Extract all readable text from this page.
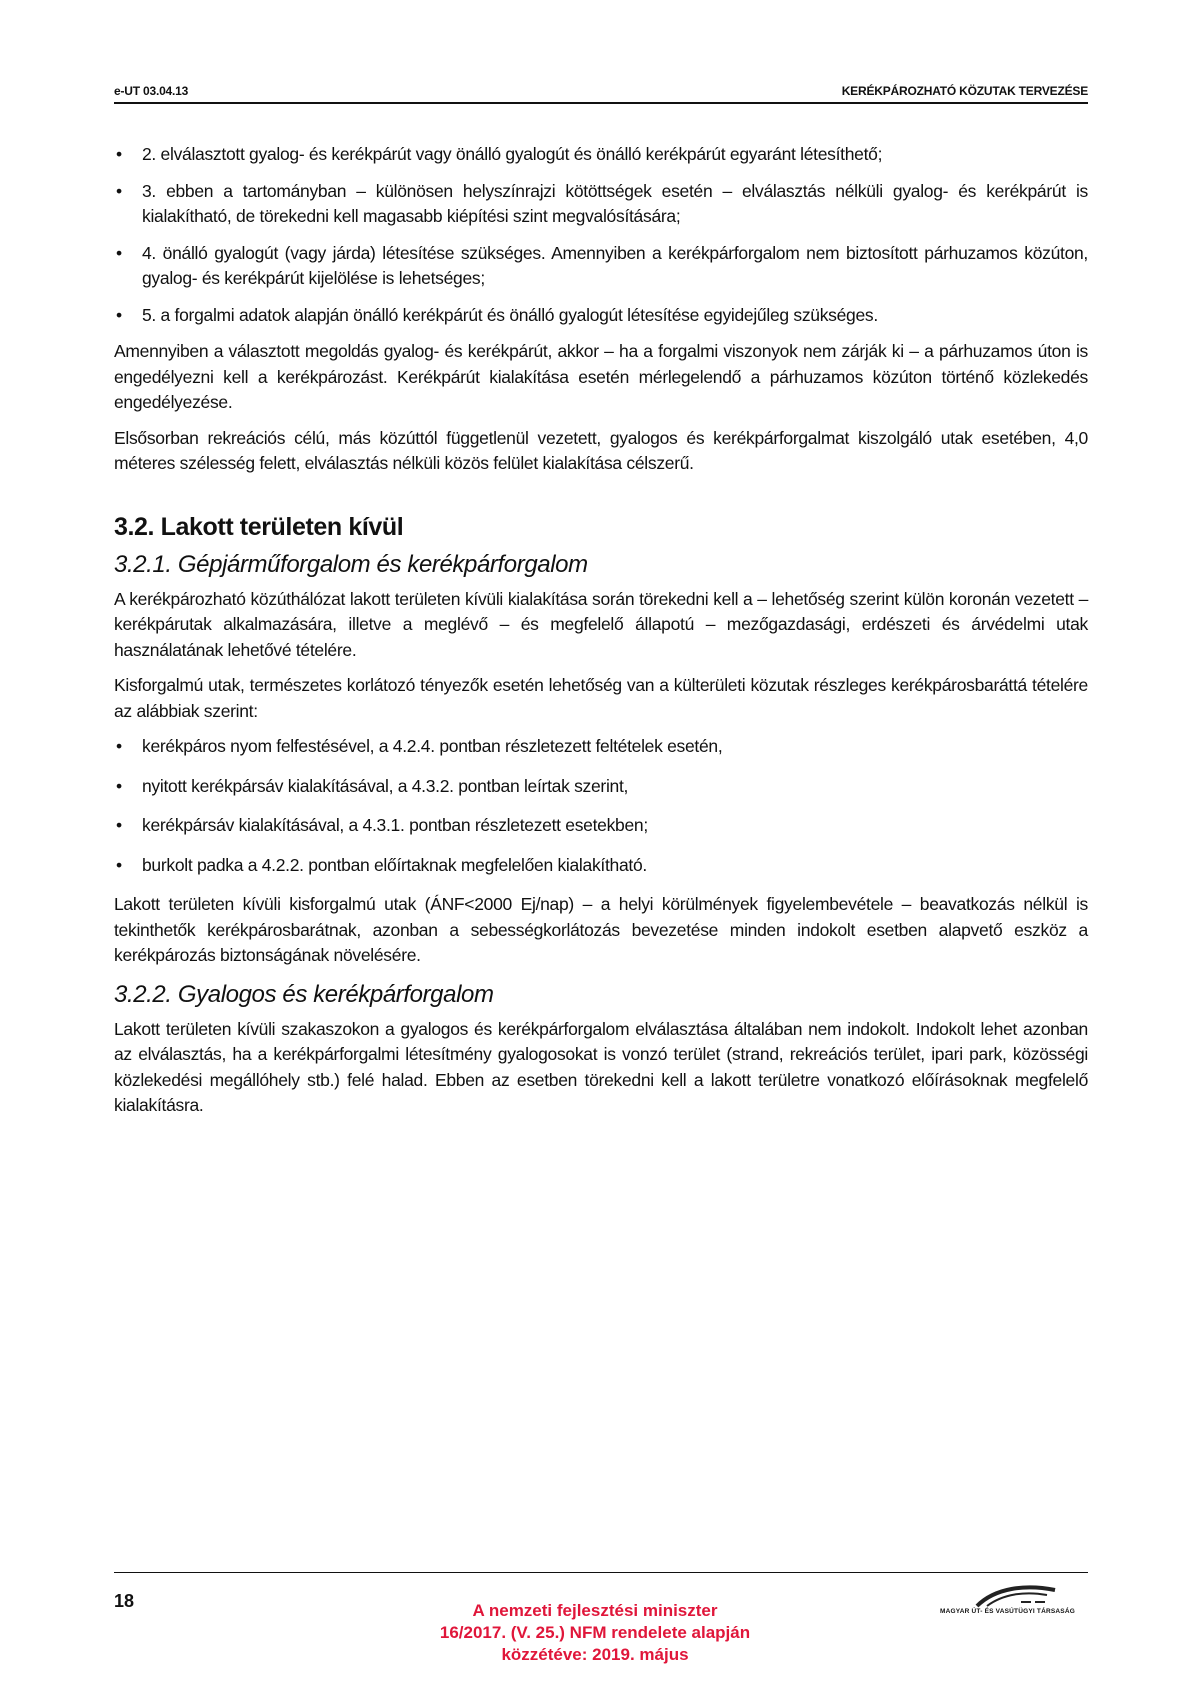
e-UT 03.04.13	KERÉKPÁROZHATÓ KÖZUTAK TERVEZÉSE
• 2. elválasztott gyalog- és kerékpárút vagy önálló gyalogút és önálló kerékpárút egyaránt létesíthető;
• 3. ebben a tartományban – különösen helyszínrajzi kötöttségek esetén – elválasztás nélküli gyalog- és kerékpárút is kialakítható, de törekedni kell magasabb kiépítési szint megvalósítására;
• 4. önálló gyalogút (vagy járda) létesítése szükséges. Amennyiben a kerékpárforgalom nem biztosított párhuzamos közúton, gyalog- és kerékpárút kijelölése is lehetséges;
• 5. a forgalmi adatok alapján önálló kerékpárút és önálló gyalogút létesítése egyidejűleg szükséges.

Amennyiben a választott megoldás gyalog- és kerékpárút, akkor – ha a forgalmi viszonyok nem zárják ki – a párhuzamos úton is engedélyezni kell a kerékpározást. Kerékpárút kialakítása esetén mérlegelendő a párhuzamos közúton történő közlekedés engedélyezése.

Elsősorban rekreációs célú, más közúttól függetlenül vezetett, gyalogos és kerékpárforgalmat kiszolgáló utak esetében, 4,0 méteres szélesség felett, elválasztás nélküli közös felület kialakítása célszerű.

3.2. Lakott területen kívül
3.2.1. Gépjárműforgalom és kerékpárforgalom

A kerékpározható közúthálózat lakott területen kívüli kialakítása során törekedni kell a – lehetőség szerint külön koronán vezetett – kerékpárutak alkalmazására, illetve a meglévő – és megfelelő állapotú – mezőgazdasági, erdészeti és árvédelmi utak használatának lehetővé tételére.

Kisforgalmú utak, természetes korlátozó tényezők esetén lehetőség van a külterületi közutak részleges kerékpárosbaráttá tételére az alábbiak szerint:

• kerékpáros nyom felfestésével, a 4.2.4. pontban részletezett feltételek esetén,
• nyitott kerékpársáv kialakításával, a 4.3.2. pontban leírtak szerint,
• kerékpársáv kialakításával, a 4.3.1. pontban részletezett esetekben;
• burkolt padka a 4.2.2. pontban előírtaknak megfelelően kialakítható.

Lakott területen kívüli kisforgalmú utak (ÁNF<2000 Ej/nap) – a helyi körülmények figyelembevétele – beavatkozás nélkül is tekinthetők kerékpárosbarátnak, azonban a sebességkorlátozás bevezetése minden indokolt esetben alapvető eszköz a kerékpározás biztonságának növelésére.

3.2.2. Gyalogos és kerékpárforgalom

Lakott területen kívüli szakaszokon a gyalogos és kerékpárforgalom elválasztása általában nem indokolt. Indokolt lehet azonban az elválasztás, ha a kerékpárforgalmi létesítmény gyalogosokat is vonzó terület (strand, rekreációs terület, ipari park, közösségi közlekedési megállóhely stb.) felé halad. Ebben az esetben törekedni kell a lakott területre vonatkozó előírásoknak megfelelő kialakításra.

18	A nemzeti fejlesztési miniszter
16/2017. (V. 25.) NFM rendelete alapján
közzétéve: 2019. május
MAGYAR ÚT- ÉS VASÚTÜGYI TÁRSASÁG
